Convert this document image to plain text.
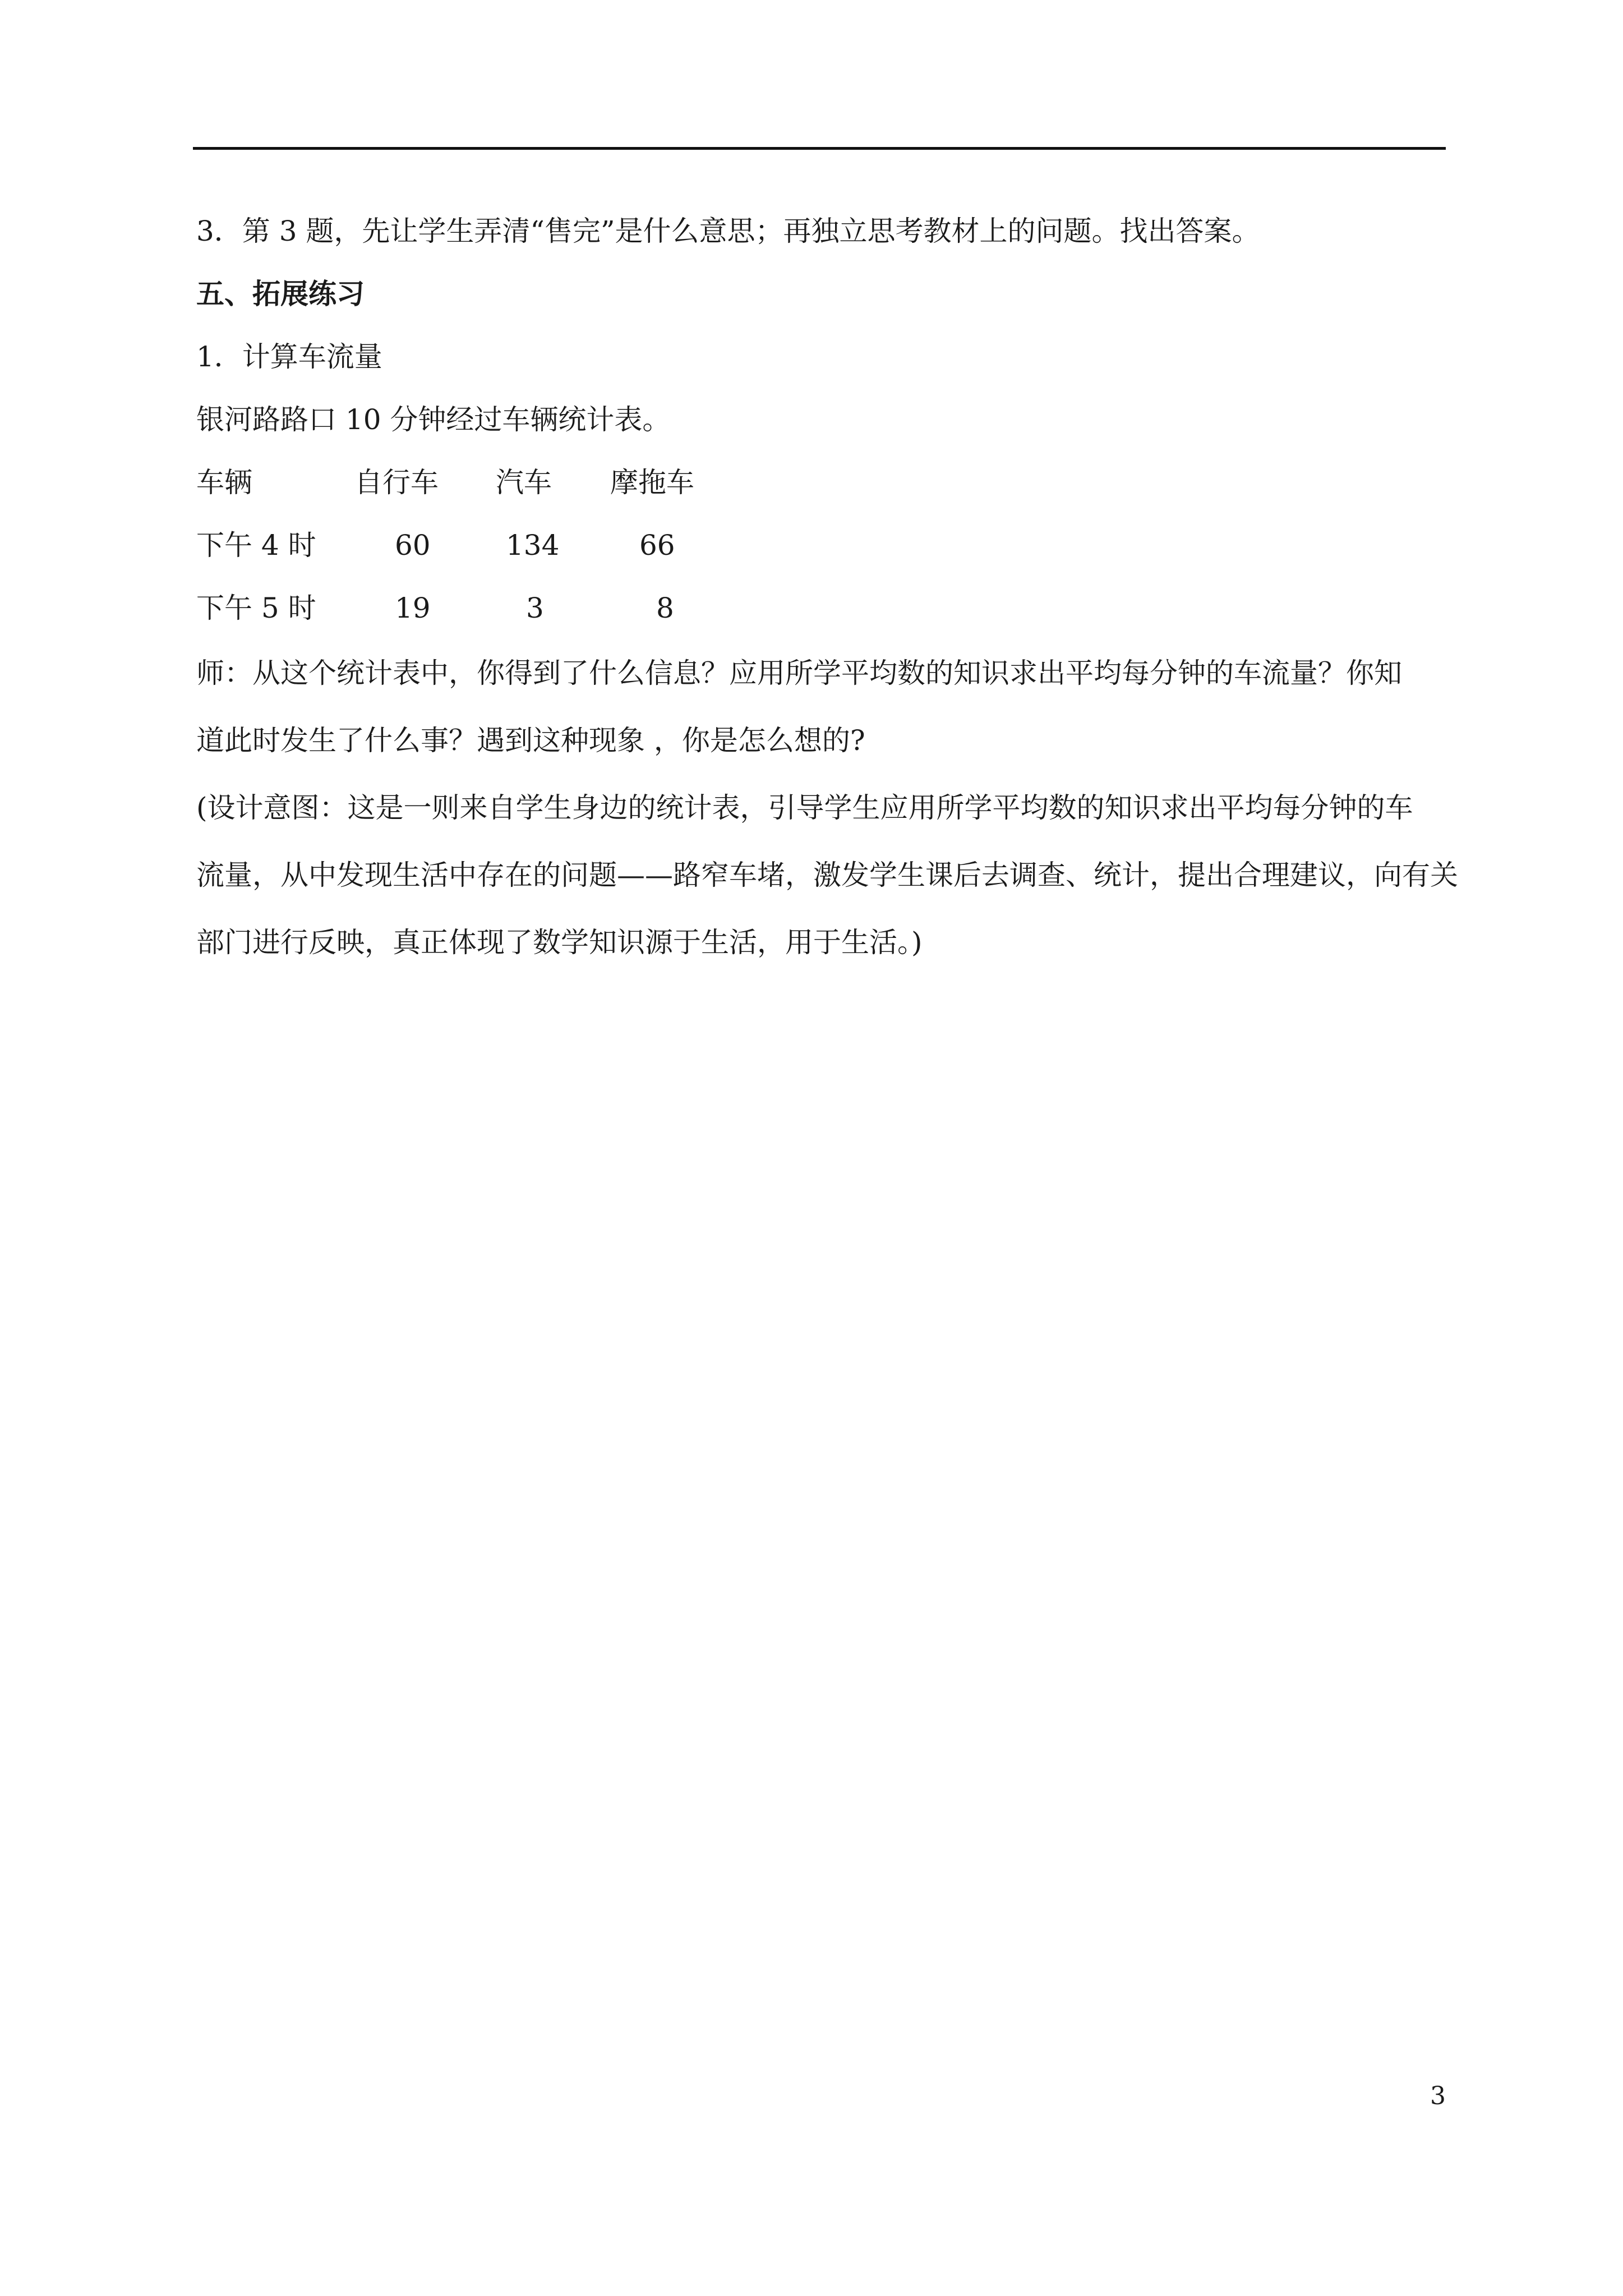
3．第 3 题，先让学生弄清“售完”是什么意思；再独立思考教材上的问题。找出答案。
五、拓展练习
1．计算车流量
银河路路口 10 分钟经过车辆统计表。
车辆	自行车 汽车 摩拖车
下午 4 时	60	134	66
下午 5 时	19	3	8
师：从这个统计表中，你得到了什么信息？应用所学平均数的知识求出平均每分钟的车流量？你知
道此时发生了什么事？遇到这种现象 ，你是怎么想的?
(设计意图：这是一则来自学生身边的统计表，引导学生应用所学平均数的知识求出平均每分钟的车
流量，从中发现生活中存在的问题——路窄车堵，激发学生课后去调查、统计，提出合理建议，向有关
部门进行反映，真正体现了数学知识源于生活，用于生活。)
3
